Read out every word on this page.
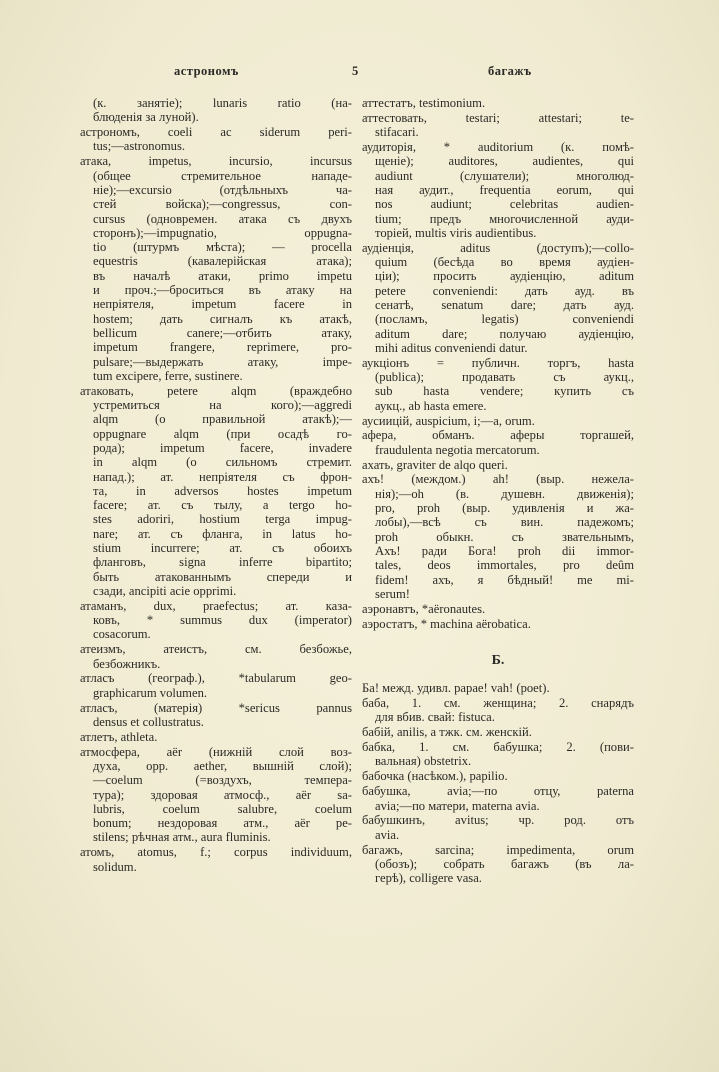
астрономъ	5	багажъ
(к. занятіе); lunaris ratio (на-
блюденія за луной).
астрономъ, coeli ac siderum peri-
tus;—astronomus.
атака, impetus, incursio, incursus
(общее стремительное нападе-
ніе);—excursio (отдѣльныхъ ча-
стей войска);—congressus, con-
cursus (одновремен. атака съ двухъ
сторонъ);—impugnatio, oppugna-
tio (штурмъ мѣста); — procella
equestris (кавалерійская атака);
въ началѣ атаки, primo impetu
и проч.;—броситься въ атаку на
непріятеля, impetum facere in
hostem; дать сигналъ къ атакѣ,
bellicum canere;—отбить атаку,
impetum frangere, reprimere, pro-
pulsare;—выдержать атаку, impe-
tum excipere, ferre, sustinere.
атаковать, petere alqm (враждебно
устремиться на кого);—aggredi
alqm (о правильной атакѣ);—
oppugnare alqm (при осадѣ го-
рода); impetum facere, invadere
in alqm (о сильномъ стремит.
напад.); ат. непріятеля съ фрон-
та, in adversos hostes impetum
facere; ат. съ тылу, a tergo ho-
stes adoriri, hostium terga impug-
nare; ат. съ фланга, in latus ho-
stium incurrere; ат. съ обоихъ
фланговъ, signa inferre bipartito;
быть атакованнымъ спереди и
сзади, ancipiti acie opprimi.
атаманъ, dux, praefectus; ат. каза-
ковъ, * summus dux (imperator)
cosacorum.
атеизмъ, атеистъ, см. безбожье,
безбожникъ.
атласъ (географ.), *tabularum geo-
graphicarum volumen.
атласъ, (матерія) *sericus pannus
densus et collustratus.
атлетъ, athleta.
атмосфера, aër (нижній слой воз-
духа, opp. aether, вышній слой);
—coelum (=воздухъ, темпера-
тура); здоровая атмосф., aër sa-
lubris, coelum salubre, coelum
bonum; нездоровая атм., aër pe-
stilens; рѣчная атм., aura fluminis.
атомъ, atomus, f.; corpus individuum,
solidum.
аттестатъ, testimonium.
аттестовать, testari; attestari; te-
stifacari.
аудиторія, * auditorium (к. помѣ-
щеніе); auditores, audientes, qui
audiunt (слушатели); многолюд-
ная аудит., frequentia eorum, qui
nos audiunt; celebritas audien-
tium; предъ многочисленной ауди-
торіей, multis viris audientibus.
аудіенція, aditus (доступъ);—collo-
quium (бесѣда во время аудіен-
ціи); просить аудіенцію, aditum
petere conveniendi: дать ауд. въ
сенатѣ, senatum dare; дать ауд.
(посламъ, legatis) conveniendi
aditum dare; получаю аудіенцію,
mihi aditus conveniendi datur.
аукціонъ = публичн. торгъ, hasta
(publica); продавать съ аукц.,
sub hasta vendere; купить съ
аукц., ab hasta emere.
аусиицій, auspicium, i;—a, orum.
афера, обманъ. аферы торгашей,
fraudulenta negotia mercatorum.
ахать, graviter de alqo queri.
ахъ! (междом.) ah! (выр. нежела-
нія);—oh (в. душевн. движенія);
pro, proh (выр. удивленія и жа-
лобы),—всѣ съ вин. падежомъ;
proh обыкн. съ звательнымъ,
Ахъ! ради Бога! proh dii immor-
tales, deos immortales, pro deûm
fidem! ахъ, я бѣдный! me mi-
serum!
аэронавтъ, *aëronautes.
аэростатъ, * machina aërobatica.
Б.
Ба! межд. удивл. papae! vah! (poet).
баба, 1. см. женщина; 2. снарядъ
для вбив. свай: fistuca.
бабій, anilis, а тжк. см. женскій.
бабка, 1. см. бабушка; 2. (пови-
вальная) obstetrix.
бабочка (насѣком.), papilio.
бабушка, avia;—по отцу, paterna
avia;—по матери, materna avia.
бабушкинъ, avitus; чр. род. отъ
avia.
багажъ, sarcina; impedimenta, orum
(обозъ); собрать багажъ (въ ла-
герѣ), colligere vasa.
